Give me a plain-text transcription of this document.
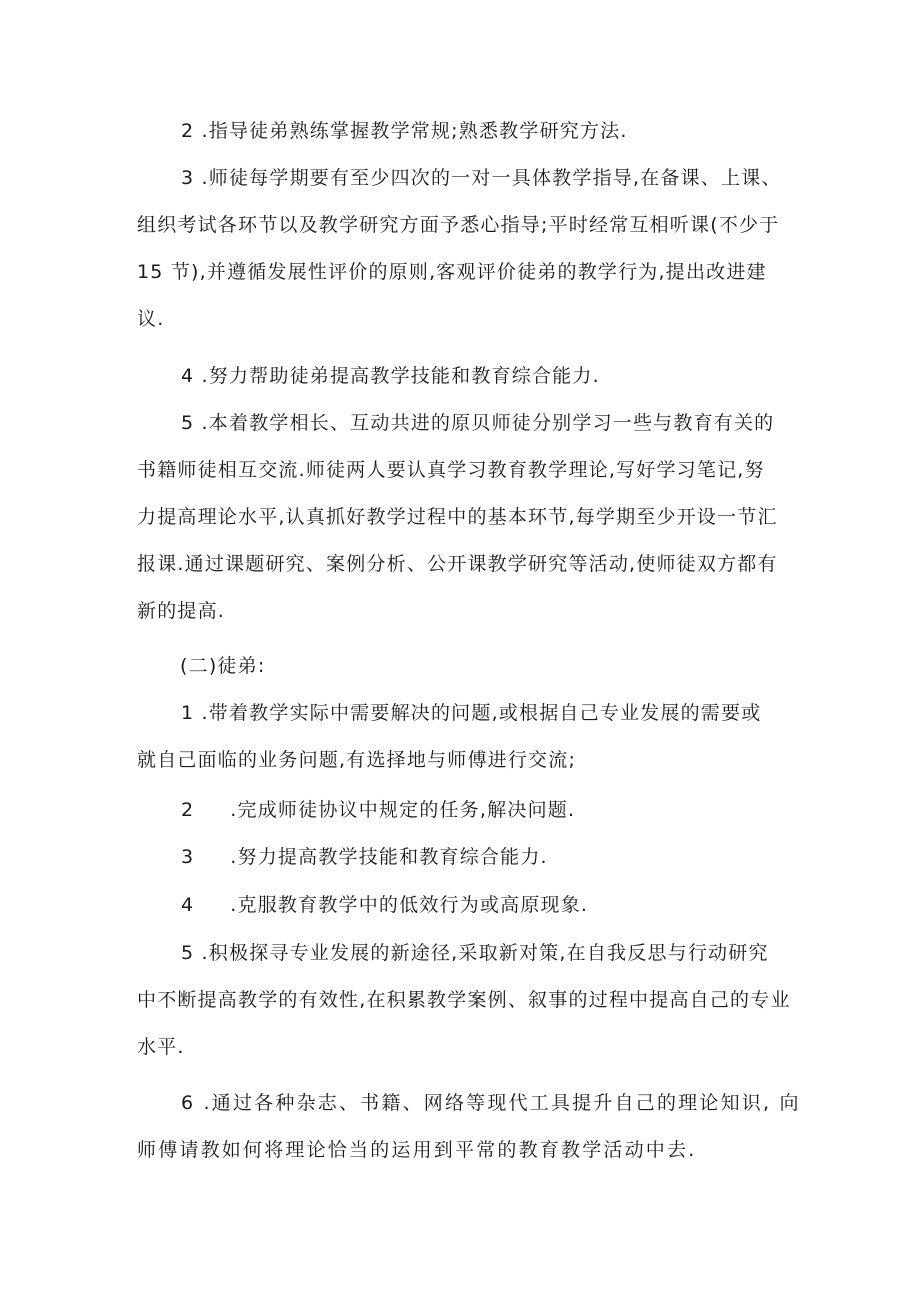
2 .指导徒弟熟练掌握教学常规;熟悉教学研究方法.

3 .师徒每学期要有至少四次的一对一具体教学指导,在备课、上课、
组织考试各环节以及教学研究方面予悉心指导;平时经常互相听课(不少于
15 节),并遵循发展性评价的原则,客观评价徒弟的教学行为,提出改进建
议.

4 .努力帮助徒弟提高教学技能和教育综合能力.

5 .本着教学相长、互动共进的原贝师徒分别学习一些与教育有关的
书籍师徒相互交流.师徒两人要认真学习教育教学理论,写好学习笔记,努
力提高理论水平,认真抓好教学过程中的基本环节,每学期至少开设一节汇
报课.通过课题研究、案例分析、公开课教学研究等活动,使师徒双方都有
新的提高.

(二)徒弟:

1 .带着教学实际中需要解决的问题,或根据自己专业发展的需要或
就自己面临的业务问题,有选择地与师傅进行交流;

2 .完成师徒协议中规定的任务,解决问题.

3 .努力提高教学技能和教育综合能力.

4 .克服教育教学中的低效行为或高原现象.

5 .积极探寻专业发展的新途径,采取新对策,在自我反思与行动研究
中不断提高教学的有效性,在积累教学案例、叙事的过程中提高自己的专业
水平.

6 .通过各种杂志、书籍、网络等现代工具提升自己的理论知识, 向
师傅请教如何将理论恰当的运用到平常的教育教学活动中去.
